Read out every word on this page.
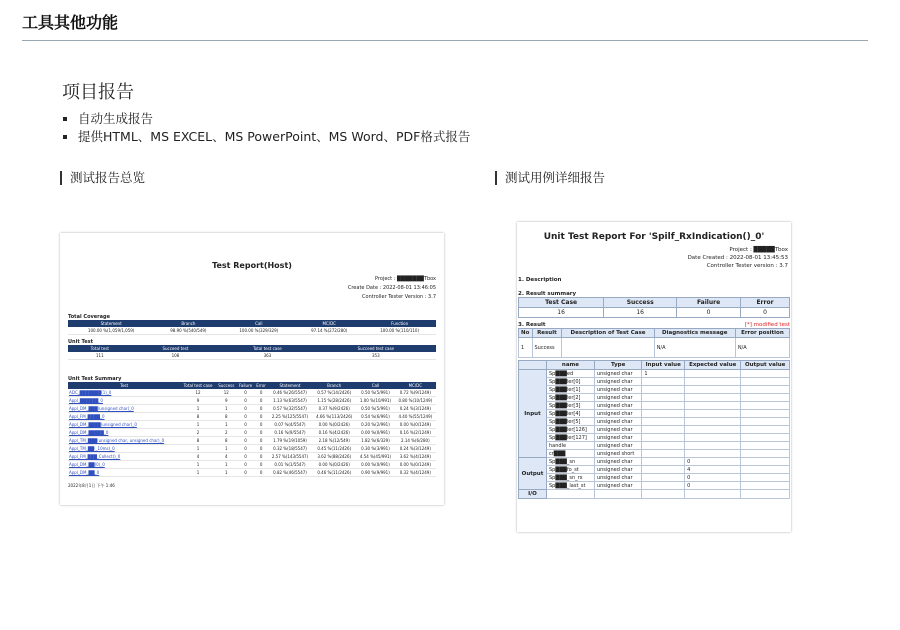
工具其他功能
项目报告
自动生成报告
提供HTML、MS EXCEL、MS PowerPoint、MS Word、PDF格式报告
测试报告总览	测试用例详细报告
Test Report(Host)
Project : ███████Tbox
Create Date : 2022-08-01 13:46:05
Controller Tester Version : 3.7
Total Coverage
Statement	Branch	Call	MC/DC	Function
100.00 %(1,059/1,059)	98.90 %(540/549)	100.00 %(329/329)	97.14 %(272/280)	100.00 %(110/110)
Unit Test
Total test	Succeed test	Total test case	Succeed test case
111	108	363	353
Unit Test Summary
Test	Total test case	Success	Failure	Error	Statement	Branch	Call	MC/DC
ADC_███████(1)_0	12	12	0	0	0.46 %(26/5547)	0.57 %(14/2426)	0.50 %(5/991)	0.72 %(9/1249)
Appl_██████_0	9	9	0	0	1.13 %(63/5547)	1.15 %(28/2426)	1.00 %(10/991)	0.80 %(10/1249)
Appl_DM_███(unsigned char)_0	1	1	0	0	0.57 %(32/5547)	0.37 %(9/2426)	0.50 %(5/991)	0.24 %(3/1249)
Appl_FM_████_0	8	8	0	0	2.25 %(125/5547)	4.66 %(113/2426)	0.54 %(6/991)	4.40 %(55/1249)
Appl_DM_████(unsigned char)_0	1	1	0	0	0.07 %(4/5547)	0.00 %(0/2426)	0.20 %(2/991)	0.00 %(0/1249)
Appl_DM_█████_0	2	2	0	0	0.16 %(9/5547)	0.16 %(4/2426)	0.00 %(0/991)	0.16 %(2/1249)
Appl_TM_███(unsigned char, unsigned char)_0	8	8	0	0	1.79 %(19/1059)	2.18 %(12/549)	1.82 %(6/329)	2.14 %(6/280)
Appl_TM_██(_10ms)_0	1	1	0	0	0.32 %(18/5547)	0.45 %(11/2426)	0.30 %(3/991)	0.24 %(3/1249)
Appl_FM_███_Collect()_0	4	4	0	0	2.57 %(143/5547)	3.62 %(88/2426)	4.54 %(45/991)	3.62 %(4/1249)
Appl_DM_██(0)_0	1	1	0	0	0.01 %(1/5547)	0.00 %(0/2426)	0.00 %(0/991)	0.00 %(0/1249)
Appl_DM_██_0	1	1	0	0	0.82 %(46/5547)	0.46 %(11/2426)	0.90 %(9/991)	0.32 %(4/1249)
2022年8月1日 下午 1:46
Unit Test Report For 'Spilf_RxIndication()_0'
Project : █████Tbox
Date Created : 2022-08-01 13:45:53
Controller Tester version : 3.7
1. Description
2. Result summary
Test Case	Success	Failure	Error
16	16	0	0
3. Result	[*] modified test
No	Result	Description of Test Case	Diagnostics message	Error position
1	Success		N/A	N/A
	name	Type	Input value	Expected value	Output value
Input	Sp███ed	unsigned char	1		
	Sp███ler[0]	unsigned char			
	Sp███ler[1]	unsigned char			
	Sp███ler[2]	unsigned char			
	Sp███ler[3]	unsigned char			
	Sp███ler[4]	unsigned char			
	Sp███ler[5]	unsigned char			
	Sp███ler[126]	unsigned char			
	Sp███ler[127]	unsigned char			
	handle	unsigned char			
	cr███	unsigned short			
Output	Sp███_sn	unsigned char		0	
	Sp███fo_st	unsigned char		4	
	Sp███_sn_rx	unsigned char		0	
	Sp███_last_st	unsigned char		0	
I/O					
